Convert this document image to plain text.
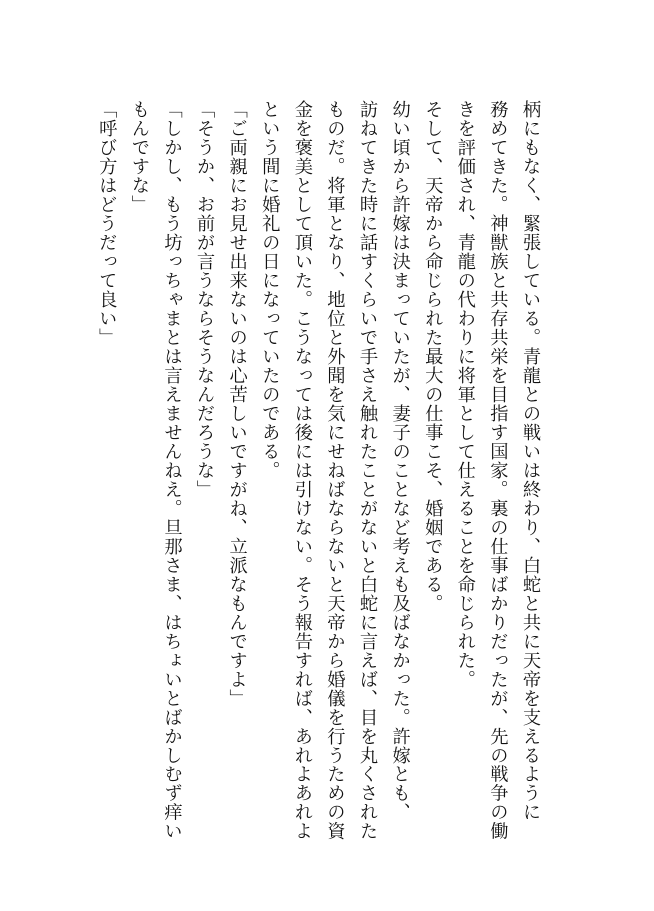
柄にもなく、緊張している。青龍との戦いは終わり、白蛇と共に天帝を支えるように

務めてきた。神獣族と共存共栄を目指す国家。裏の仕事ばかりだったが、先の戦争の働

きを評価され、青龍の代わりに将軍として仕えることを命じられた。

そして、天帝から命じられた最大の仕事こそ、婚姻である。

幼い頃から許嫁は決まっていたが、妻子のことなど考えも及ばなかった。許嫁とも、

訪ねてきた時に話すくらいで手さえ触れたことがないと白蛇に言えば、目を丸くされた

ものだ。将軍となり、地位と外聞を気にせねばならないと天帝から婚儀を行うための資

金を褒美として頂いた。こうなっては後には引けない。そう報告すれば、あれよあれよ

という間に婚礼の日になっていたのである。

「ご両親にお見せ出来ないのは心苦しいですがね、立派なもんですよ」

「そうか、お前が言うならそうなんだろうな」

「しかし、もう坊っちゃまとは言えませんねえ。旦那さま、はちょいとばかしむず痒い

もんですな」

「呼び方はどうだって良い」
